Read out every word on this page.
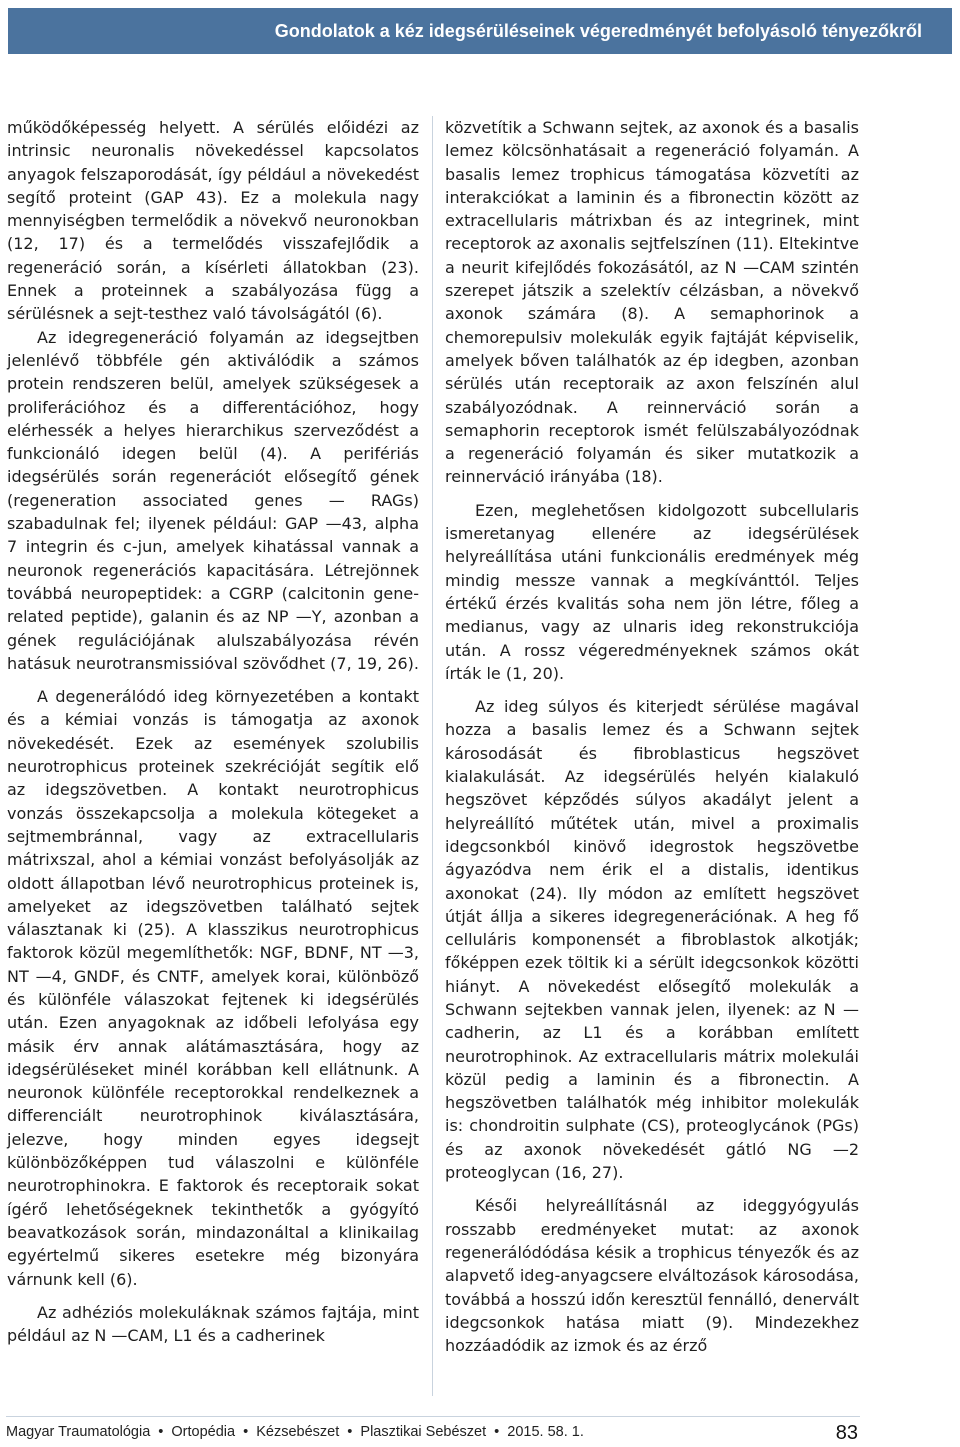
Gondolatok a kéz idegsérüléseinek végeredményét befolyásoló tényezőkről

működőképesség helyett. A sérülés előidézi az intrinsic neuronalis növekedéssel kapcsolatos anyagok felszaporodását, így például a növekedést segítő proteint (GAP 43). Ez a molekula nagy mennyiségben termelődik a növekvő neuronokban (12, 17) és a termelődés visszafejlődik a regeneráció során, a kísérleti állatokban (23). Ennek a proteinnek a szabályozása függ a sérülésnek a sejt-testhez való távolságától (6).

Az idegregeneráció folyamán az idegsejtben jelenlévő többféle gén aktiválódik a számos protein rendszeren belül, amelyek szükségesek a proliferációhoz és a differentációhoz, hogy elérhessék a helyes hierarchikus szerveződést a funkcionáló idegen belül (4). A perifériás idegsérülés során regenerációt elősegítő gének (regeneration associated genes — RAGs) szabadulnak fel; ilyenek például: GAP —43, alpha 7 integrin és c-jun, amelyek kihatással vannak a neuronok regenerációs kapacitására. Létrejönnek továbbá neuropeptidek: a CGRP (calcitonin gene-related peptide), galanin és az NP —Y, azonban a gének regulációjának alulszabályozása révén hatásuk neurotransmissióval szövődhet (7, 19, 26).

A degenerálódó ideg környezetében a kontakt és a kémiai vonzás is támogatja az axonok növekedését. Ezek az események szolubilis neurotrophicus proteinek szekrécióját segítik elő az idegszövetben. A kontakt neurotrophicus vonzás összekapcsolja a molekula kötegeket a sejtmembránnal, vagy az extracellularis mátrixszal, ahol a kémiai vonzást befolyásolják az oldott állapotban lévő neurotrophicus proteinek is, amelyeket az idegszövetben található sejtek választanak ki (25). A klasszikus neurotrophicus faktorok közül megemlíthetők: NGF, BDNF, NT —3, NT —4, GNDF, és CNTF, amelyek korai, különböző és különféle válaszokat fejtenek ki idegsérülés után. Ezen anyagoknak az időbeli lefolyása egy másik érv annak alátámasztására, hogy az idegsérüléseket minél korábban kell ellátnunk. A neuronok különféle receptorokkal rendelkeznek a differenciált neurotrophinok kiválasztására, jelezve, hogy minden egyes idegsejt különbözőképpen tud válaszolni e különféle neurotrophinokra. E faktorok és receptoraik sokat ígérő lehetőségeknek tekinthetők a gyógyító beavatkozások során, mindazonáltal a klinikailag egyértelmű sikeres esetekre még bizonyára várnunk kell (6).

Az adhéziós molekuláknak számos fajtája, mint például az N —CAM, L1 és a cadherinek

közvetítik a Schwann sejtek, az axonok és a basalis lemez kölcsönhatásait a regeneráció folyamán. A basalis lemez trophicus támogatása közvetíti az interakciókat a laminin és a fibronectin között az extracellularis mátrixban és az integrinek, mint receptorok az axonalis sejtfelszínen (11). Eltekintve a neurit kifejlődés fokozásától, az N —CAM szintén szerepet játszik a szelektív célzásban, a növekvő axonok számára (8). A semaphorinok a chemorepulsiv molekulák egyik fajtáját képviselik, amelyek bőven találhatók az ép idegben, azonban sérülés után receptoraik az axon felszínén alul szabályozódnak. A reinnerváció során a semaphorin receptorok ismét felülszabályozódnak a regeneráció folyamán és siker mutatkozik a reinnerváció irányába (18).

Ezen, meglehetősen kidolgozott subcellularis ismeretanyag ellenére az idegsérülések helyreállítása utáni funkcionális eredmények még mindig messze vannak a megkívánttól. Teljes értékű érzés kvalitás soha nem jön létre, főleg a medianus, vagy az ulnaris ideg rekonstrukciója után. A rossz végeredményeknek számos okát írták le (1, 20).

Az ideg súlyos és kiterjedt sérülése magával hozza a basalis lemez és a Schwann sejtek károsodását és fibroblasticus hegszövet kialakulását. Az idegsérülés helyén kialakuló hegszövet képződés súlyos akadályt jelent a helyreállító műtétek után, mivel a proximalis idegcsonkból kinövő idegrostok hegszövetbe ágyazódva nem érik el a distalis, identikus axonokat (24). Ily módon az említett hegszövet útját állja a sikeres idegregenerációnak. A heg fő celluláris komponensét a fibroblastok alkotják; főképpen ezek töltik ki a sérült idegcsonkok közötti hiányt. A növekedést elősegítő molekulák a Schwann sejtekben vannak jelen, ilyenek: az N —cadherin, az L1 és a korábban említett neurotrophinok. Az extracellularis mátrix molekulái közül pedig a laminin és a fibronectin. A hegszövetben találhatók még inhibitor molekulák is: chondroitin sulphate (CS), proteoglycánok (PGs) és az axonok növekedését gátló NG —2 proteoglycan (16, 27).

Késői helyreállításnál az ideggyógyulás rosszabb eredményeket mutat: az axonok regenerálódódása késik a trophicus tényezők és az alapvető ideg-anyagcsere elváltozások károsodása, továbbá a hosszú időn keresztül fennálló, denervált idegcsonkok hatása miatt (9). Mindezekhez hozzáadódik az izmok és az érző

Magyar Traumatológia • Ortopédia • Kézsebészet • Plasztikai Sebészet • 2015. 58. 1.	83
